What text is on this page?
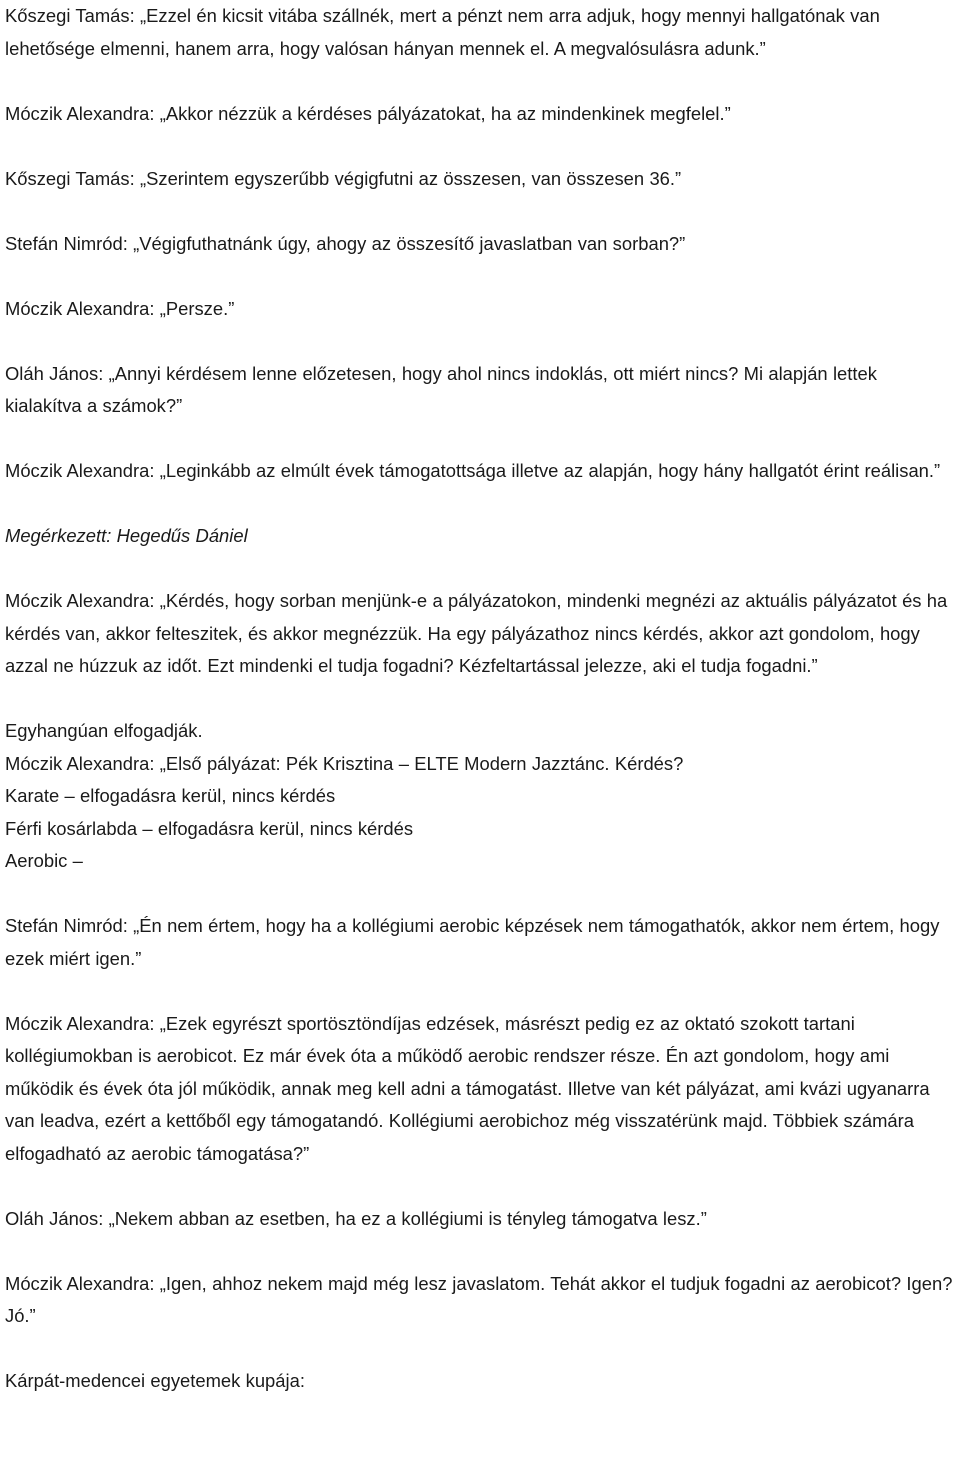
Kőszegi Tamás: „Ezzel én kicsit vitába szállnék, mert a pénzt nem arra adjuk, hogy mennyi hallgatónak van lehetősége elmenni, hanem arra, hogy valósan hányan mennek el. A megvalósulásra adunk.”

Móczik Alexandra: „Akkor nézzük a kérdéses pályázatokat, ha az mindenkinek megfelel.”

Kőszegi Tamás: „Szerintem egyszerűbb végigfutni az összesen, van összesen 36.”

Stefán Nimród: „Végigfuthatnánk úgy, ahogy az összesítő javaslatban van sorban?”

Móczik Alexandra: „Persze.”

Oláh János: „Annyi kérdésem lenne előzetesen, hogy ahol nincs indoklás, ott miért nincs? Mi alapján lettek kialakítva a számok?”

Móczik Alexandra: „Leginkább az elmúlt évek támogatottsága illetve az alapján, hogy hány hallgatót érint reálisan.”

Megérkezett: Hegedűs Dániel

Móczik Alexandra: „Kérdés, hogy sorban menjünk-e a pályázatokon, mindenki megnézi az aktuális pályázatot és ha kérdés van, akkor felteszitek, és akkor megnézzük. Ha egy pályázathoz nincs kérdés, akkor azt gondolom, hogy azzal ne húzzuk az időt. Ezt mindenki el tudja fogadni? Kézfeltartással jelezze, aki el tudja fogadni.”

Egyhangúan elfogadják.

Móczik Alexandra: „Első pályázat: Pék Krisztina – ELTE Modern Jazztánc. Kérdés?

Karate – elfogadásra kerül, nincs kérdés

Férfi kosárlabda – elfogadásra kerül, nincs kérdés

Aerobic –

Stefán Nimród: „Én nem értem, hogy ha a kollégiumi aerobic képzések nem támogathatók, akkor nem értem, hogy ezek miért igen.”

Móczik Alexandra: „Ezek egyrészt sportösztöndíjas edzések, másrészt pedig ez az oktató szokott tartani kollégiumokban is aerobicot. Ez már évek óta a működő aerobic rendszer része. Én azt gondolom, hogy ami működik és évek óta jól működik, annak meg kell adni a támogatást. Illetve van két pályázat, ami kvázi ugyanarra van leadva, ezért a kettőből egy támogatandó. Kollégiumi aerobichoz még visszatérünk majd. Többiek számára elfogadható az aerobic támogatása?”

Oláh János: „Nekem abban az esetben, ha ez a kollégiumi is tényleg támogatva lesz.”

Móczik Alexandra: „Igen, ahhoz nekem majd még lesz javaslatom. Tehát akkor el tudjuk fogadni az aerobicot? Igen? Jó.”

Kárpát-medencei egyetemek kupája:
